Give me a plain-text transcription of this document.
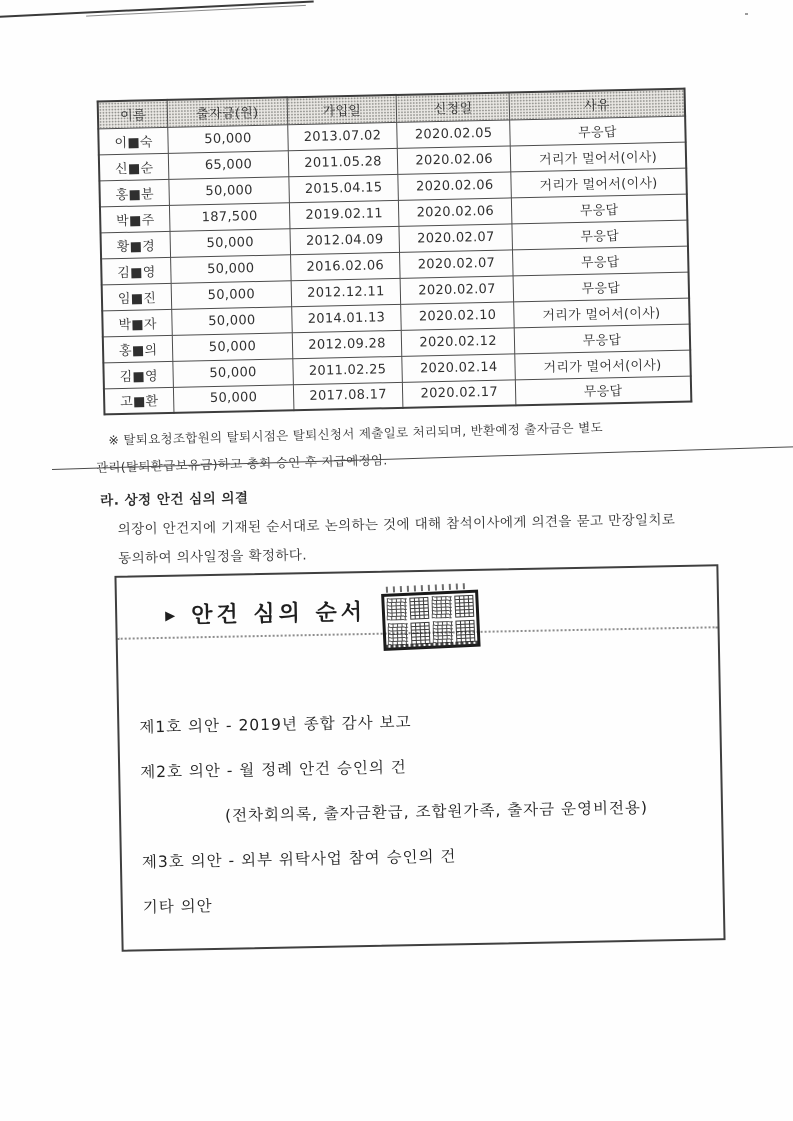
이름	출자금(원)	가입일	신청일	사유
이■숙	50,000	2013.07.02	2020.02.05	무응답
신■순	65,000	2011.05.28	2020.02.06	거리가 멀어서(이사)
홍■분	50,000	2015.04.15	2020.02.06	거리가 멀어서(이사)
박■주	187,500	2019.02.11	2020.02.06	무응답
황■경	50,000	2012.04.09	2020.02.07	무응답
김■영	50,000	2016.02.06	2020.02.07	무응답
임■진	50,000	2012.12.11	2020.02.07	무응답
박■자	50,000	2014.01.13	2020.02.10	거리가 멀어서(이사)
홍■의	50,000	2012.09.28	2020.02.12	무응답
김■영	50,000	2011.02.25	2020.02.14	거리가 멀어서(이사)
고■환	50,000	2017.08.17	2020.02.17	무응답
※ 탈퇴요청조합원의 탈퇴시점은 탈퇴신청서 제출일로 처리되며, 반환예정 출자금은 별도
관리(탈퇴환급보유금)하고 총회 승인 후 지급예정임.
라. 상정 안건 심의 의결
의장이 안건지에 기재된 순서대로 논의하는 것에 대해 참석이사에게 의견을 묻고 만장일치로
동의하여 의사일정을 확정하다.
▶ 안건 심의 순서
제1호 의안 - 2019년 종합 감사 보고
제2호 의안 - 월 정례 안건 승인의 건
(전차회의록, 출자금환급, 조합원가족, 출자금 운영비전용)
제3호 의안 - 외부 위탁사업 참여 승인의 건
기타 의안
